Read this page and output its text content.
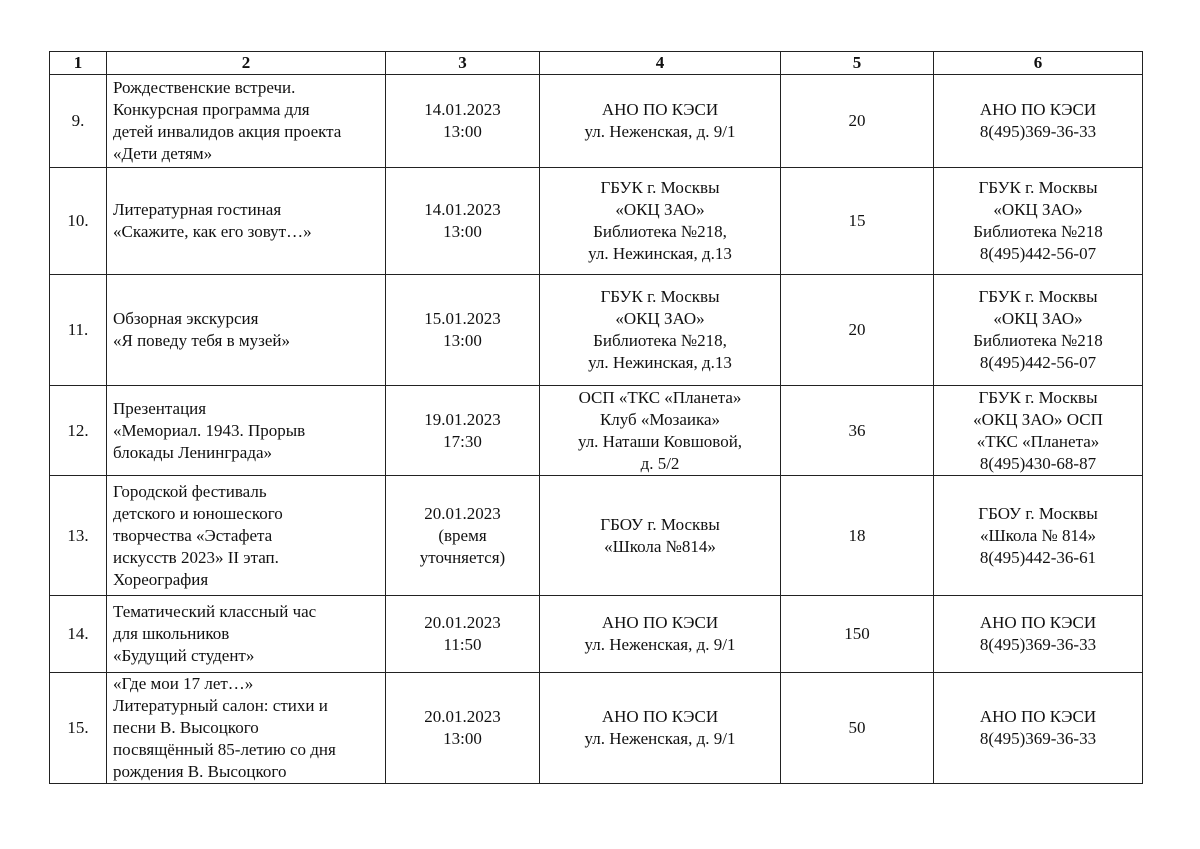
1	2	3	4	5	6
9.	Рождественские встречи.
Конкурсная программа для
детей инвалидов акция проекта
«Дети детям»	14.01.2023
13:00	АНО ПО КЭСИ
ул. Неженская, д. 9/1	20	АНО ПО КЭСИ
8(495)369-36-33

10.	Литературная гостиная
«Скажите, как его зовут…»	14.01.2023
13:00	ГБУК г. Москвы
«ОКЦ ЗАО»
Библиотека №218,
ул. Нежинская, д.13	15	ГБУК г. Москвы
«ОКЦ ЗАО»
Библиотека №218
8(495)442-56-07

11.	Обзорная экскурсия
«Я поведу тебя в музей»	15.01.2023
13:00	ГБУК г. Москвы
«ОКЦ ЗАО»
Библиотека №218,
ул. Нежинская, д.13	20	ГБУК г. Москвы
«ОКЦ ЗАО»
Библиотека №218
8(495)442-56-07

12.	Презентация
«Мемориал. 1943. Прорыв
блокады Ленинграда»	19.01.2023
17:30	ОСП «ТКС «Планета»
Клуб «Мозаика»
ул. Наташи Ковшовой,
д. 5/2	36	ГБУК г. Москвы
«ОКЦ ЗАО» ОСП
«ТКС «Планета»
8(495)430-68-87

13.	Городской фестиваль
детского и юношеского
творчества «Эстафета
искусств 2023» II этап.
Хореография	20.01.2023
(время
уточняется)	ГБОУ г. Москвы
«Школа №814»	18	ГБОУ г. Москвы
«Школа № 814»
8(495)442-36-61

14.	Тематический классный час
для школьников
«Будущий студент»	20.01.2023
11:50	АНО ПО КЭСИ
ул. Неженская, д. 9/1	150	АНО ПО КЭСИ
8(495)369-36-33

15.	«Где мои 17 лет…»
Литературный салон: стихи и
песни В. Высоцкого
посвящённый 85-летию со дня
рождения В. Высоцкого	20.01.2023
13:00	АНО ПО КЭСИ
ул. Неженская, д. 9/1	50	АНО ПО КЭСИ
8(495)369-36-33
